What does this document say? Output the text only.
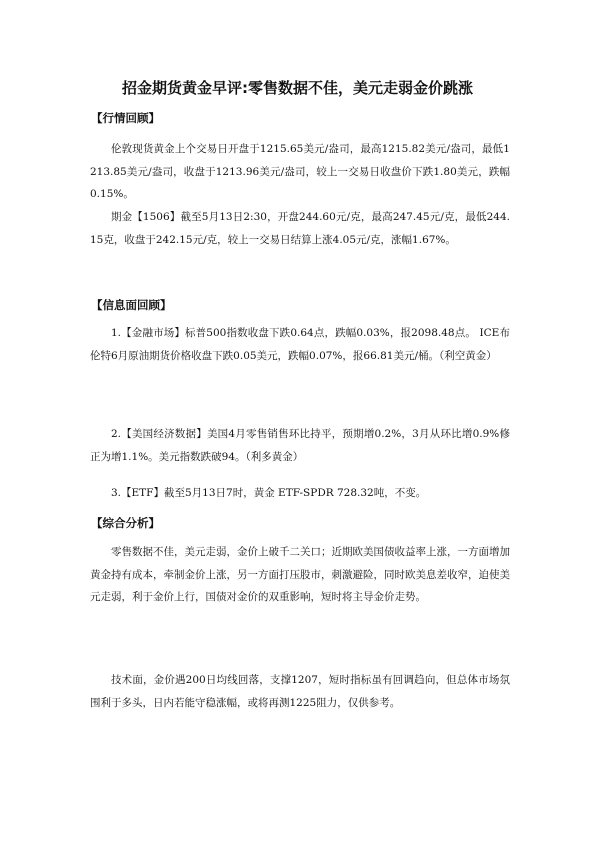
招金期货黄金早评:零售数据不佳，美元走弱金价跳涨
【行情回顾】
伦敦现货黄金上个交易日开盘于1215.65美元/盎司，最高1215.82美元/盎司，最低1213.85美元/盎司，收盘于1213.96美元/盎司，较上一交易日收盘价下跌1.80美元，跌幅0.15%。
期金【1506】截至5月13日2:30，开盘244.60元/克，最高247.45元/克，最低244.15克，收盘于242.15元/克，较上一交易日结算上涨4.05元/克，涨幅1.67%。
【信息面回顾】
1.【金融市场】标普500指数收盘下跌0.64点，跌幅0.03%，报2098.48点。 ICE布伦特6月原油期货价格收盘下跌0.05美元，跌幅0.07%，报66.81美元/桶。（利空黄金）
2.【美国经济数据】美国4月零售销售环比持平，预期增0.2%，3月从环比增0.9%修正为增1.1%。美元指数跌破94。（利多黄金）
3.【ETF】截至5月13日7时，黄金 ETF-SPDR 728.32吨，不变。
【综合分析】
零售数据不佳，美元走弱，金价上破千二关口；近期欧美国债收益率上涨，一方面增加黄金持有成本，牵制金价上涨，另一方面打压股市，刺激避险，同时欧美息差收窄，迫使美元走弱，利于金价上行，国债对金价的双重影响，短时将主导金价走势。
技术面，金价遇200日均线回落，支撑1207，短时指标虽有回调趋向，但总体市场氛围利于多头，日内若能守稳涨幅，或将再测1225阻力，仅供参考。
